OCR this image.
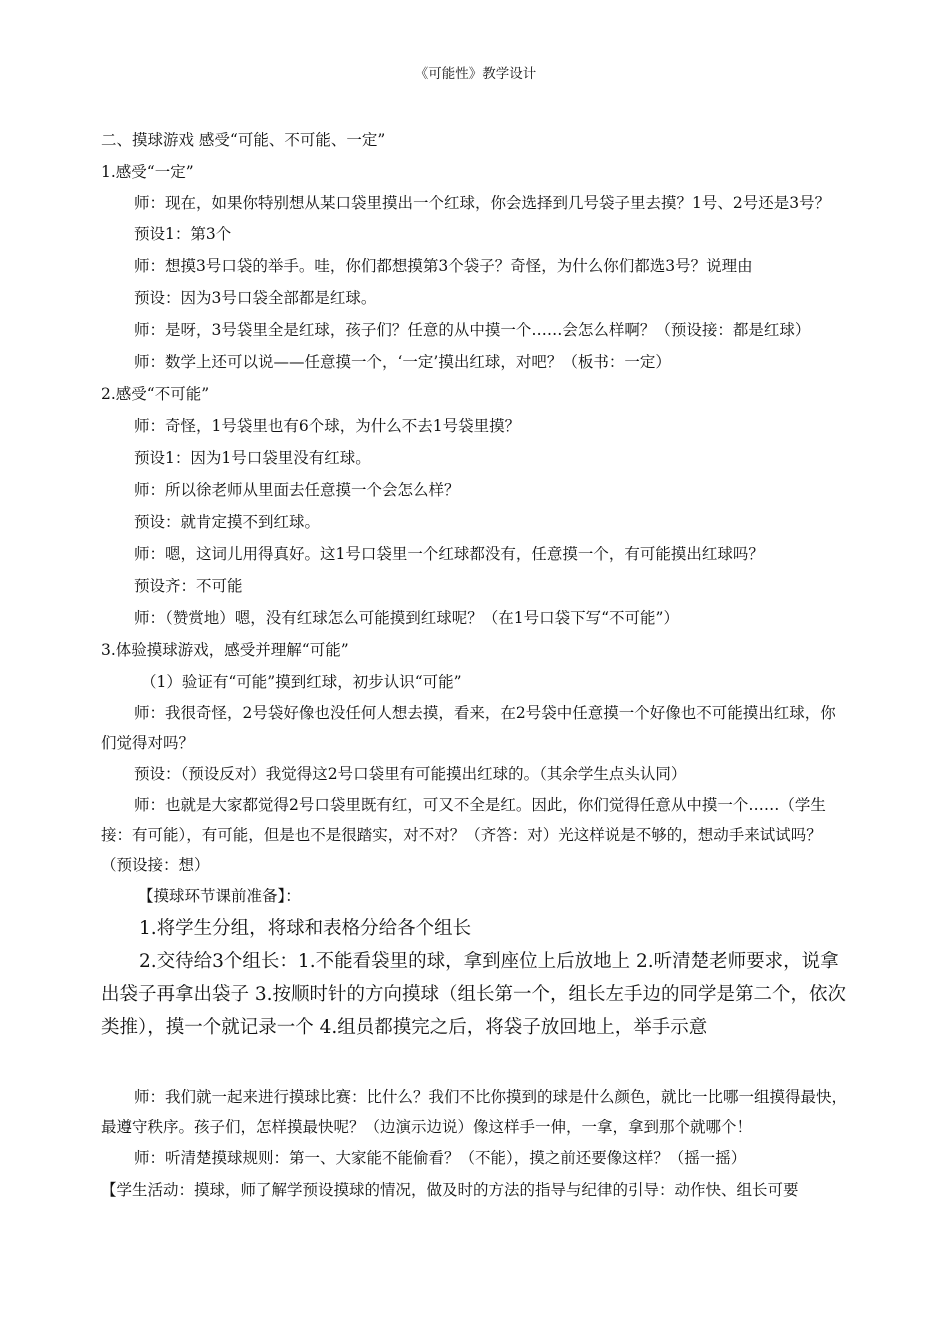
《可能性》教学设计

二、摸球游戏 感受“可能、不可能、一定”

1.感受“一定”

师：现在，如果你特别想从某口袋里摸出一个红球，你会选择到几号袋子里去摸？1号、2号还是3号？

预设1：第3个

师：想摸3号口袋的举手。哇，你们都想摸第3个袋子？奇怪，为什么你们都选3号？说理由

预设：因为3号口袋全部都是红球。

师：是呀，3号袋里全是红球，孩子们？任意的从中摸一个……会怎么样啊？（预设接：都是红球）

师：数学上还可以说——任意摸一个，‘一定’摸出红球，对吧？（板书：一定）

2.感受“不可能”

师：奇怪，1号袋里也有6个球，为什么不去1号袋里摸？

预设1：因为1号口袋里没有红球。

师：所以徐老师从里面去任意摸一个会怎么样？

预设：就肯定摸不到红球。

师：嗯，这词儿用得真好。这1号口袋里一个红球都没有，任意摸一个，有可能摸出红球吗？

预设齐：不可能

师：（赞赏地）嗯，没有红球怎么可能摸到红球呢？（在1号口袋下写“不可能”）

3.体验摸球游戏，感受并理解“可能”

（1）验证有“可能”摸到红球，初步认识“可能”

师：我很奇怪，2号袋好像也没任何人想去摸，看来，在2号袋中任意摸一个好像也不可能摸出红球，你们觉得对吗？

预设：（预设反对）我觉得这2号口袋里有可能摸出红球的。（其余学生点头认同）

师：也就是大家都觉得2号口袋里既有红，可又不全是红。因此，你们觉得任意从中摸一个……（学生接：有可能），有可能，但是也不是很踏实，对不对？（齐答：对）光这样说是不够的，想动手来试试吗？（预设接：想）

【摸球环节课前准备】：

1.将学生分组，将球和表格分给各个组长

2.交待给3个组长：1.不能看袋里的球，拿到座位上后放地上 2.听清楚老师要求，说拿出袋子再拿出袋子 3.按顺时针的方向摸球（组长第一个，组长左手边的同学是第二个，依次类推），摸一个就记录一个 4.组员都摸完之后，将袋子放回地上，举手示意

师：我们就一起来进行摸球比赛：比什么？我们不比你摸到的球是什么颜色，就比一比哪一组摸得最快，最遵守秩序。孩子们，怎样摸最快呢？（边演示边说）像这样手一伸，一拿，拿到那个就哪个！

师：听清楚摸球规则：第一、大家能不能偷看？（不能），摸之前还要像这样？（摇一摇）

【学生活动：摸球，师了解学预设摸球的情况，做及时的方法的指导与纪律的引导：动作快、组长可要
